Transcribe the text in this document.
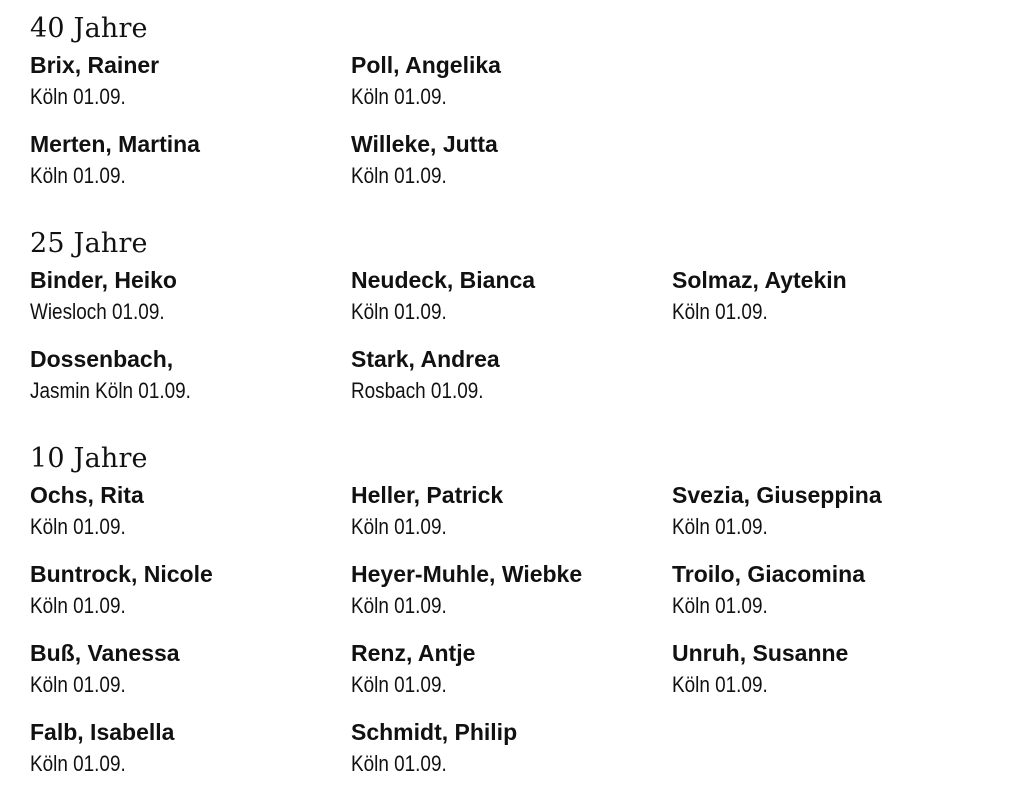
40 Jahre
Brix, Rainer
Köln 01.09.
Poll, Angelika
Köln 01.09.
Merten, Martina
Köln 01.09.
Willeke, Jutta
Köln 01.09.
25 Jahre
Binder, Heiko
Wiesloch 01.09.
Neudeck, Bianca
Köln 01.09.
Solmaz, Aytekin
Köln 01.09.
Dossenbach,
Jasmin Köln 01.09.
Stark, Andrea
Rosbach 01.09.
10 Jahre
Ochs, Rita
Köln 01.09.
Heller, Patrick
Köln 01.09.
Svezia, Giuseppina
Köln 01.09.
Buntrock, Nicole
Köln 01.09.
Heyer-Muhle, Wiebke
Köln 01.09.
Troilo, Giacomina
Köln 01.09.
Buß, Vanessa
Köln 01.09.
Renz, Antje
Köln 01.09.
Unruh, Susanne
Köln 01.09.
Falb, Isabella
Köln 01.09.
Schmidt, Philip
Köln 01.09.
